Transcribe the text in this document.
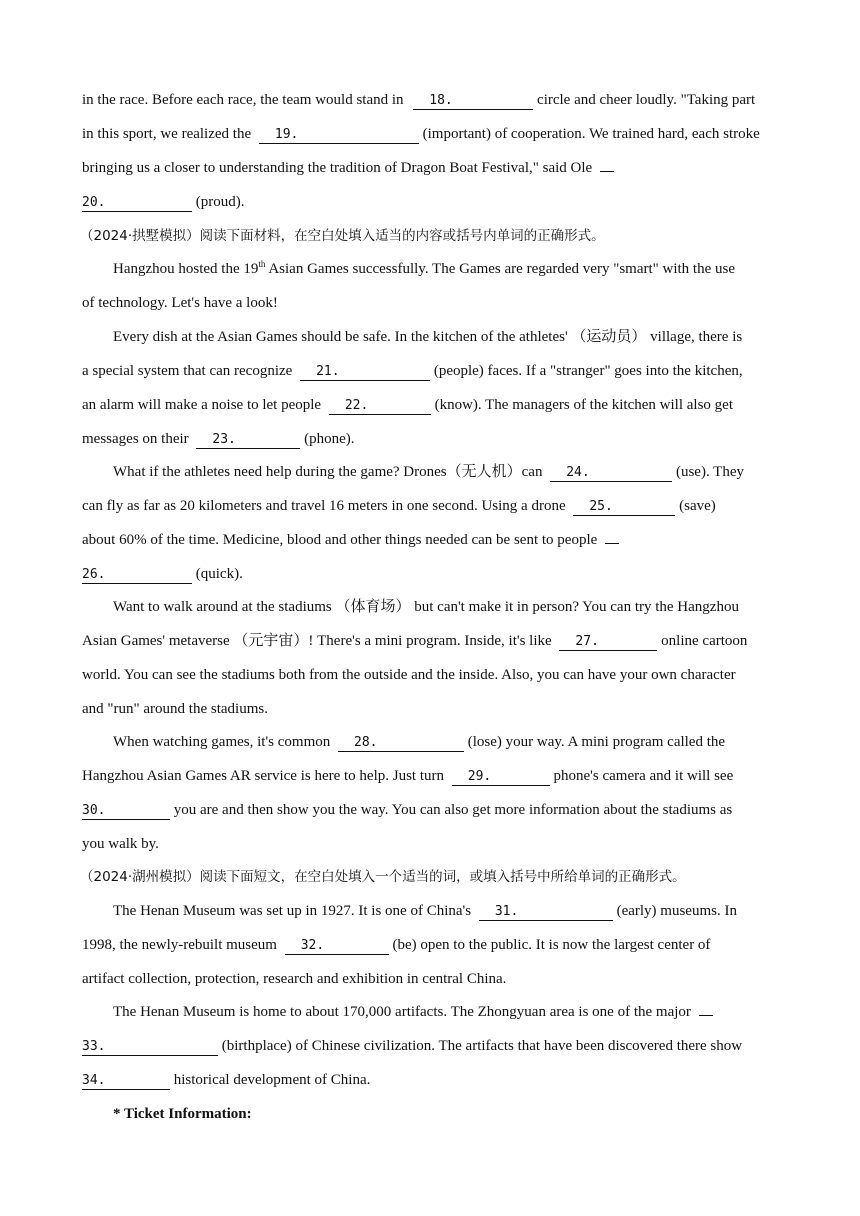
in the race. Before each race, the team would stand in 18.	circle and cheer loudly. "Taking part
in this sport, we realized the 19.	(important) of cooperation. We trained hard, each stroke
bringing us a closer to understanding the tradition of Dragon Boat Festival," said Ole
20.	(proud).
（2024·拱墅模拟）阅读下面材料，在空白处填入适当的内容或括号内单词的正确形式。
Hangzhou hosted the 19th Asian Games successfully. The Games are regarded very "smart" with the use
of technology. Let's have a look!
Every dish at the Asian Games should be safe. In the kitchen of the athletes' （运动员） village, there is
a special system that can recognize 21.	(people) faces. If a "stranger" goes into the kitchen,
an alarm will make a noise to let people 22.	(know). The managers of the kitchen will also get
messages on their 23.	(phone).
What if the athletes need help during the game? Drones（无人机）can 24.	(use). They
can fly as far as 20 kilometers and travel 16 meters in one second. Using a drone 25.	(save)
about 60% of the time. Medicine, blood and other things needed can be sent to people
26.	(quick).
Want to walk around at the stadiums （体育场） but can't make it in person? You can try the Hangzhou
Asian Games' metaverse （元宇宙）! There's a mini program. Inside, it's like 27.	online cartoon
world. You can see the stadiums both from the outside and the inside. Also, you can have your own character
and "run" around the stadiums.
When watching games, it's common 28.	(lose) your way. A mini program called the
Hangzhou Asian Games AR service is here to help. Just turn 29.	phone's camera and it will see
30.	you are and then show you the way. You can also get more information about the stadiums as
you walk by.
（2024·湖州模拟）阅读下面短文，在空白处填入一个适当的词，或填入括号中所给单词的正确形式。
The Henan Museum was set up in 1927. It is one of China's 31.	(early) museums. In
1998, the newly-rebuilt museum 32.	(be) open to the public. It is now the largest center of
artifact collection, protection, research and exhibition in central China.
The Henan Museum is home to about 170,000 artifacts. The Zhongyuan area is one of the major
33.	(birthplace) of Chinese civilization. The artifacts that have been discovered there show
34.	historical development of China.
* Ticket Information:
